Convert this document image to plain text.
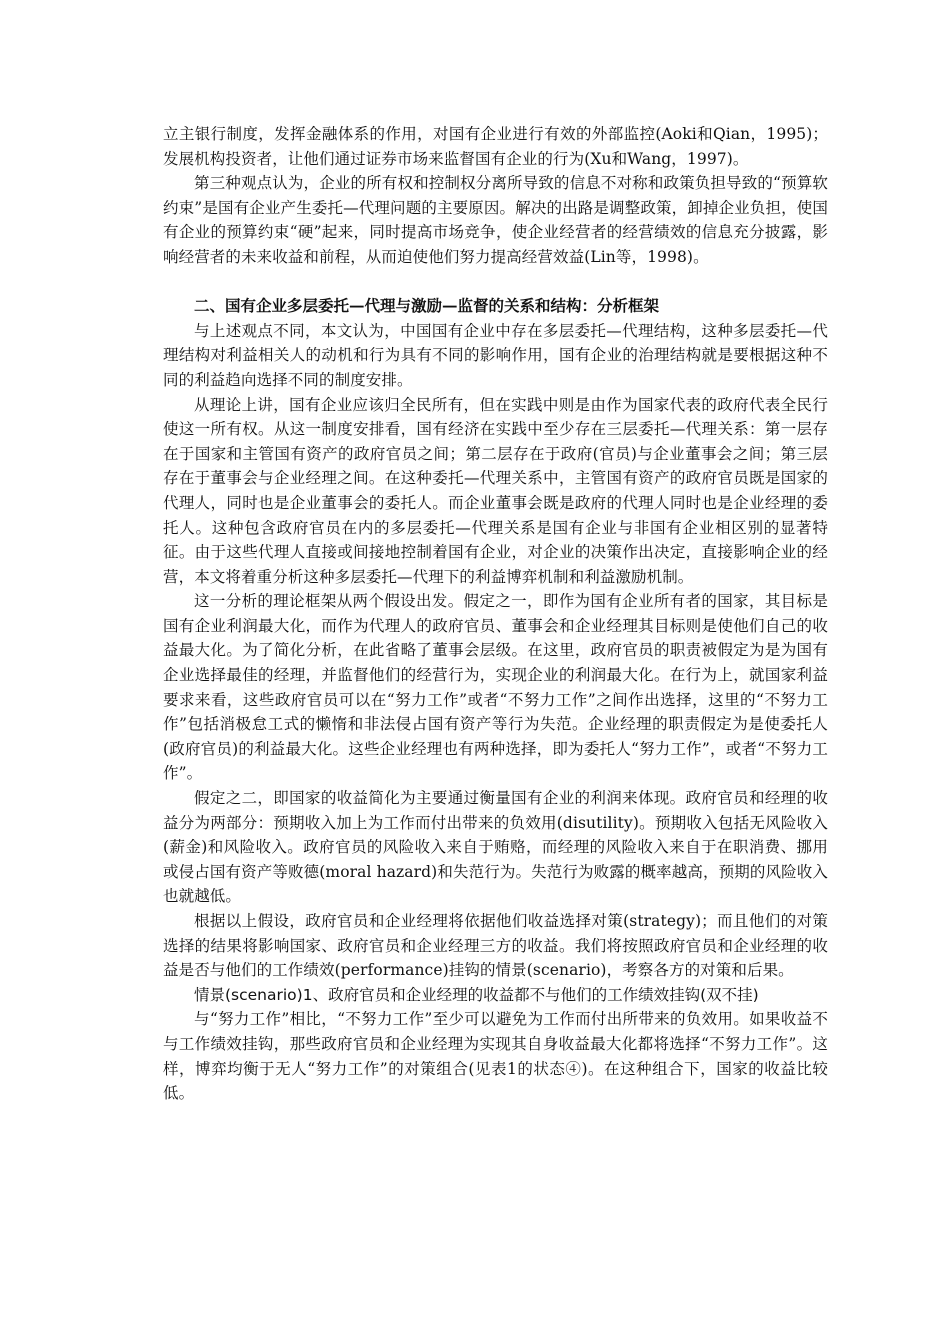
立主银行制度，发挥金融体系的作用，对国有企业进行有效的外部监控(Aoki和Qian，1995)；发展机构投资者，让他们通过证券市场来监督国有企业的行为(Xu和Wang，1997)。

第三种观点认为，企业的所有权和控制权分离所导致的信息不对称和政策负担导致的“预算软约束”是国有企业产生委托—代理问题的主要原因。解决的出路是调整政策，卸掉企业负担，使国有企业的预算约束“硬”起来，同时提高市场竞争，使企业经营者的经营绩效的信息充分披露，影响经营者的未来收益和前程，从而迫使他们努力提高经营效益(Lin等，1998)。

二、国有企业多层委托—代理与激励—监督的关系和结构：分析框架

与上述观点不同，本文认为，中国国有企业中存在多层委托—代理结构，这种多层委托—代理结构对利益相关人的动机和行为具有不同的影响作用，国有企业的治理结构就是要根据这种不同的利益趋向选择不同的制度安排。

从理论上讲，国有企业应该归全民所有，但在实践中则是由作为国家代表的政府代表全民行使这一所有权。从这一制度安排看，国有经济在实践中至少存在三层委托—代理关系：第一层存在于国家和主管国有资产的政府官员之间；第二层存在于政府(官员)与企业董事会之间；第三层存在于董事会与企业经理之间。在这种委托—代理关系中，主管国有资产的政府官员既是国家的代理人，同时也是企业董事会的委托人。而企业董事会既是政府的代理人同时也是企业经理的委托人。这种包含政府官员在内的多层委托—代理关系是国有企业与非国有企业相区别的显著特征。由于这些代理人直接或间接地控制着国有企业，对企业的决策作出决定，直接影响企业的经营，本文将着重分析这种多层委托—代理下的利益博弈机制和利益激励机制。

这一分析的理论框架从两个假设出发。假定之一，即作为国有企业所有者的国家，其目标是国有企业利润最大化，而作为代理人的政府官员、董事会和企业经理其目标则是使他们自己的收益最大化。为了简化分析，在此省略了董事会层级。在这里，政府官员的职责被假定为是为国有企业选择最佳的经理，并监督他们的经营行为，实现企业的利润最大化。在行为上，就国家利益要求来看，这些政府官员可以在“努力工作”或者“不努力工作”之间作出选择，这里的“不努力工作”包括消极怠工式的懒惰和非法侵占国有资产等行为失范。企业经理的职责假定为是使委托人(政府官员)的利益最大化。这些企业经理也有两种选择，即为委托人“努力工作”，或者“不努力工作”。

假定之二，即国家的收益简化为主要通过衡量国有企业的利润来体现。政府官员和经理的收益分为两部分：预期收入加上为工作而付出带来的负效用(disutility)。预期收入包括无风险收入(薪金)和风险收入。政府官员的风险收入来自于贿赂，而经理的风险收入来自于在职消费、挪用或侵占国有资产等败德(moral hazard)和失范行为。失范行为败露的概率越高，预期的风险收入也就越低。

根据以上假设，政府官员和企业经理将依据他们收益选择对策(strategy)；而且他们的对策选择的结果将影响国家、政府官员和企业经理三方的收益。我们将按照政府官员和企业经理的收益是否与他们的工作绩效(performance)挂钩的情景(scenario)，考察各方的对策和后果。

情景(scenario)1、政府官员和企业经理的收益都不与他们的工作绩效挂钩(双不挂)

与“努力工作”相比，“不努力工作”至少可以避免为工作而付出所带来的负效用。如果收益不与工作绩效挂钩，那些政府官员和企业经理为实现其自身收益最大化都将选择“不努力工作”。这样，博弈均衡于无人“努力工作”的对策组合(见表1的状态④)。在这种组合下，国家的收益比较低。
